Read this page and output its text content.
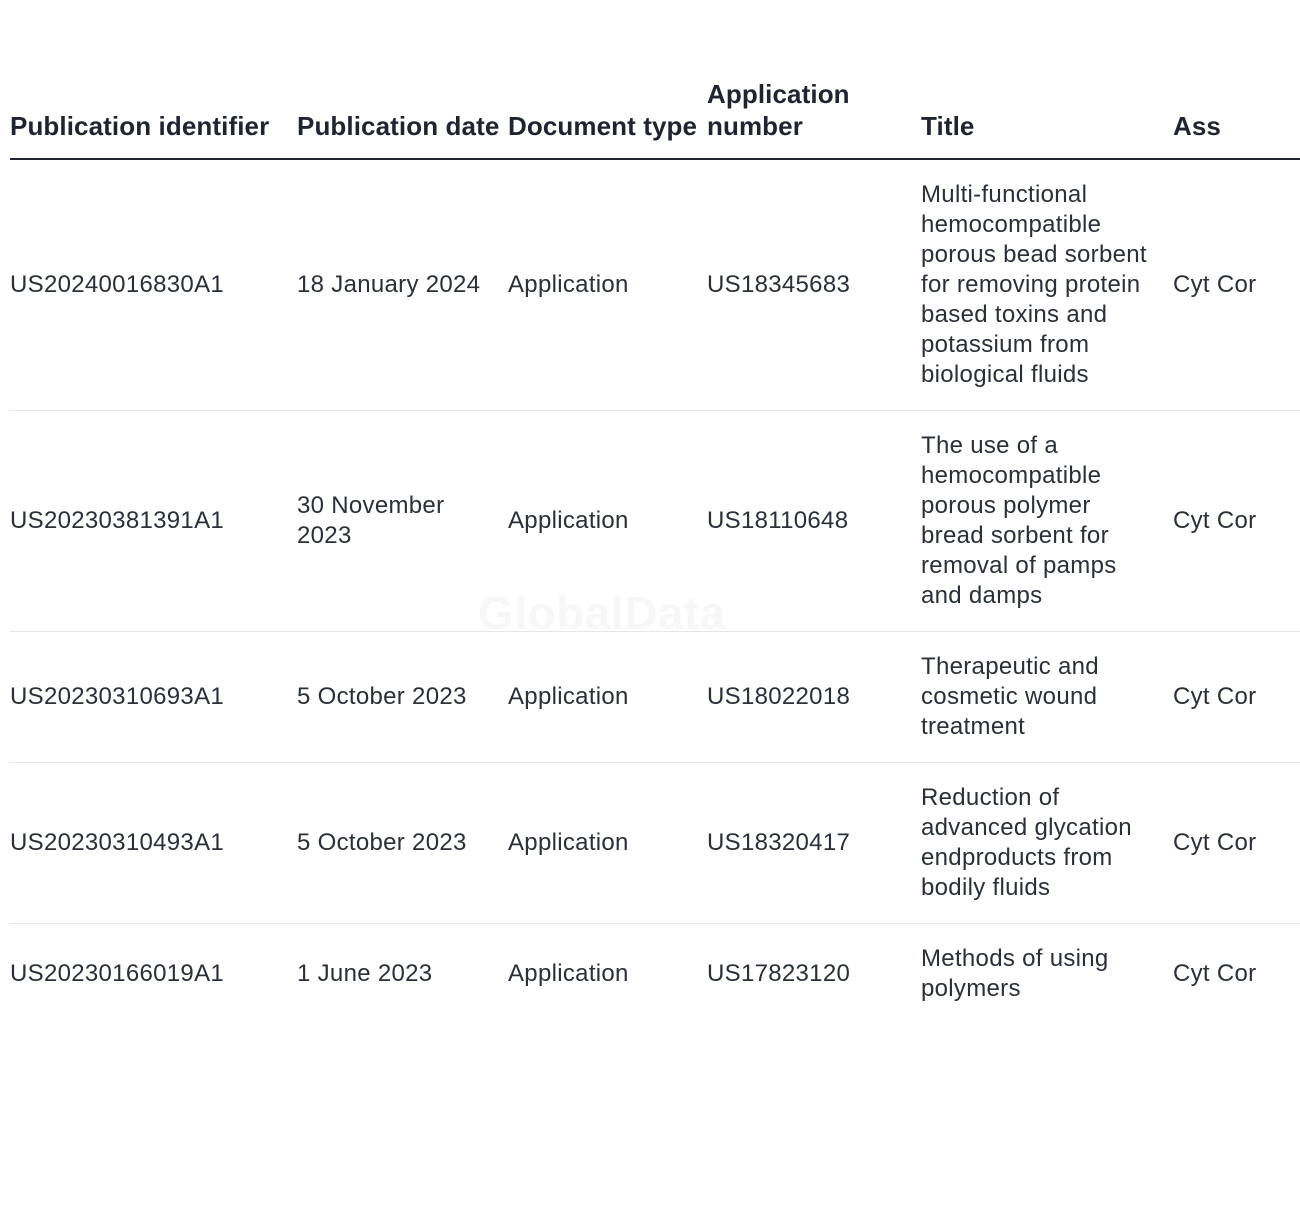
Publication identifier	Publication date	Document type	Application number	Title	Ass
US20240016830A1	18 January 2024	Application	US18345683	Multi-functional hemocompatible porous bead sorbent for removing protein based toxins and potassium from biological fluids	Cyt Cor
US20230381391A1	30 November 2023	Application	US18110648	The use of a hemocompatible porous polymer bread sorbent for removal of pamps and damps	Cyt Cor
US20230310693A1	5 October 2023	Application	US18022018	Therapeutic and cosmetic wound treatment	Cyt Cor
US20230310493A1	5 October 2023	Application	US18320417	Reduction of advanced glycation endproducts from bodily fluids	Cyt Cor
US20230166019A1	1 June 2023	Application	US17823120	Methods of using polymers	Cyt Cor
